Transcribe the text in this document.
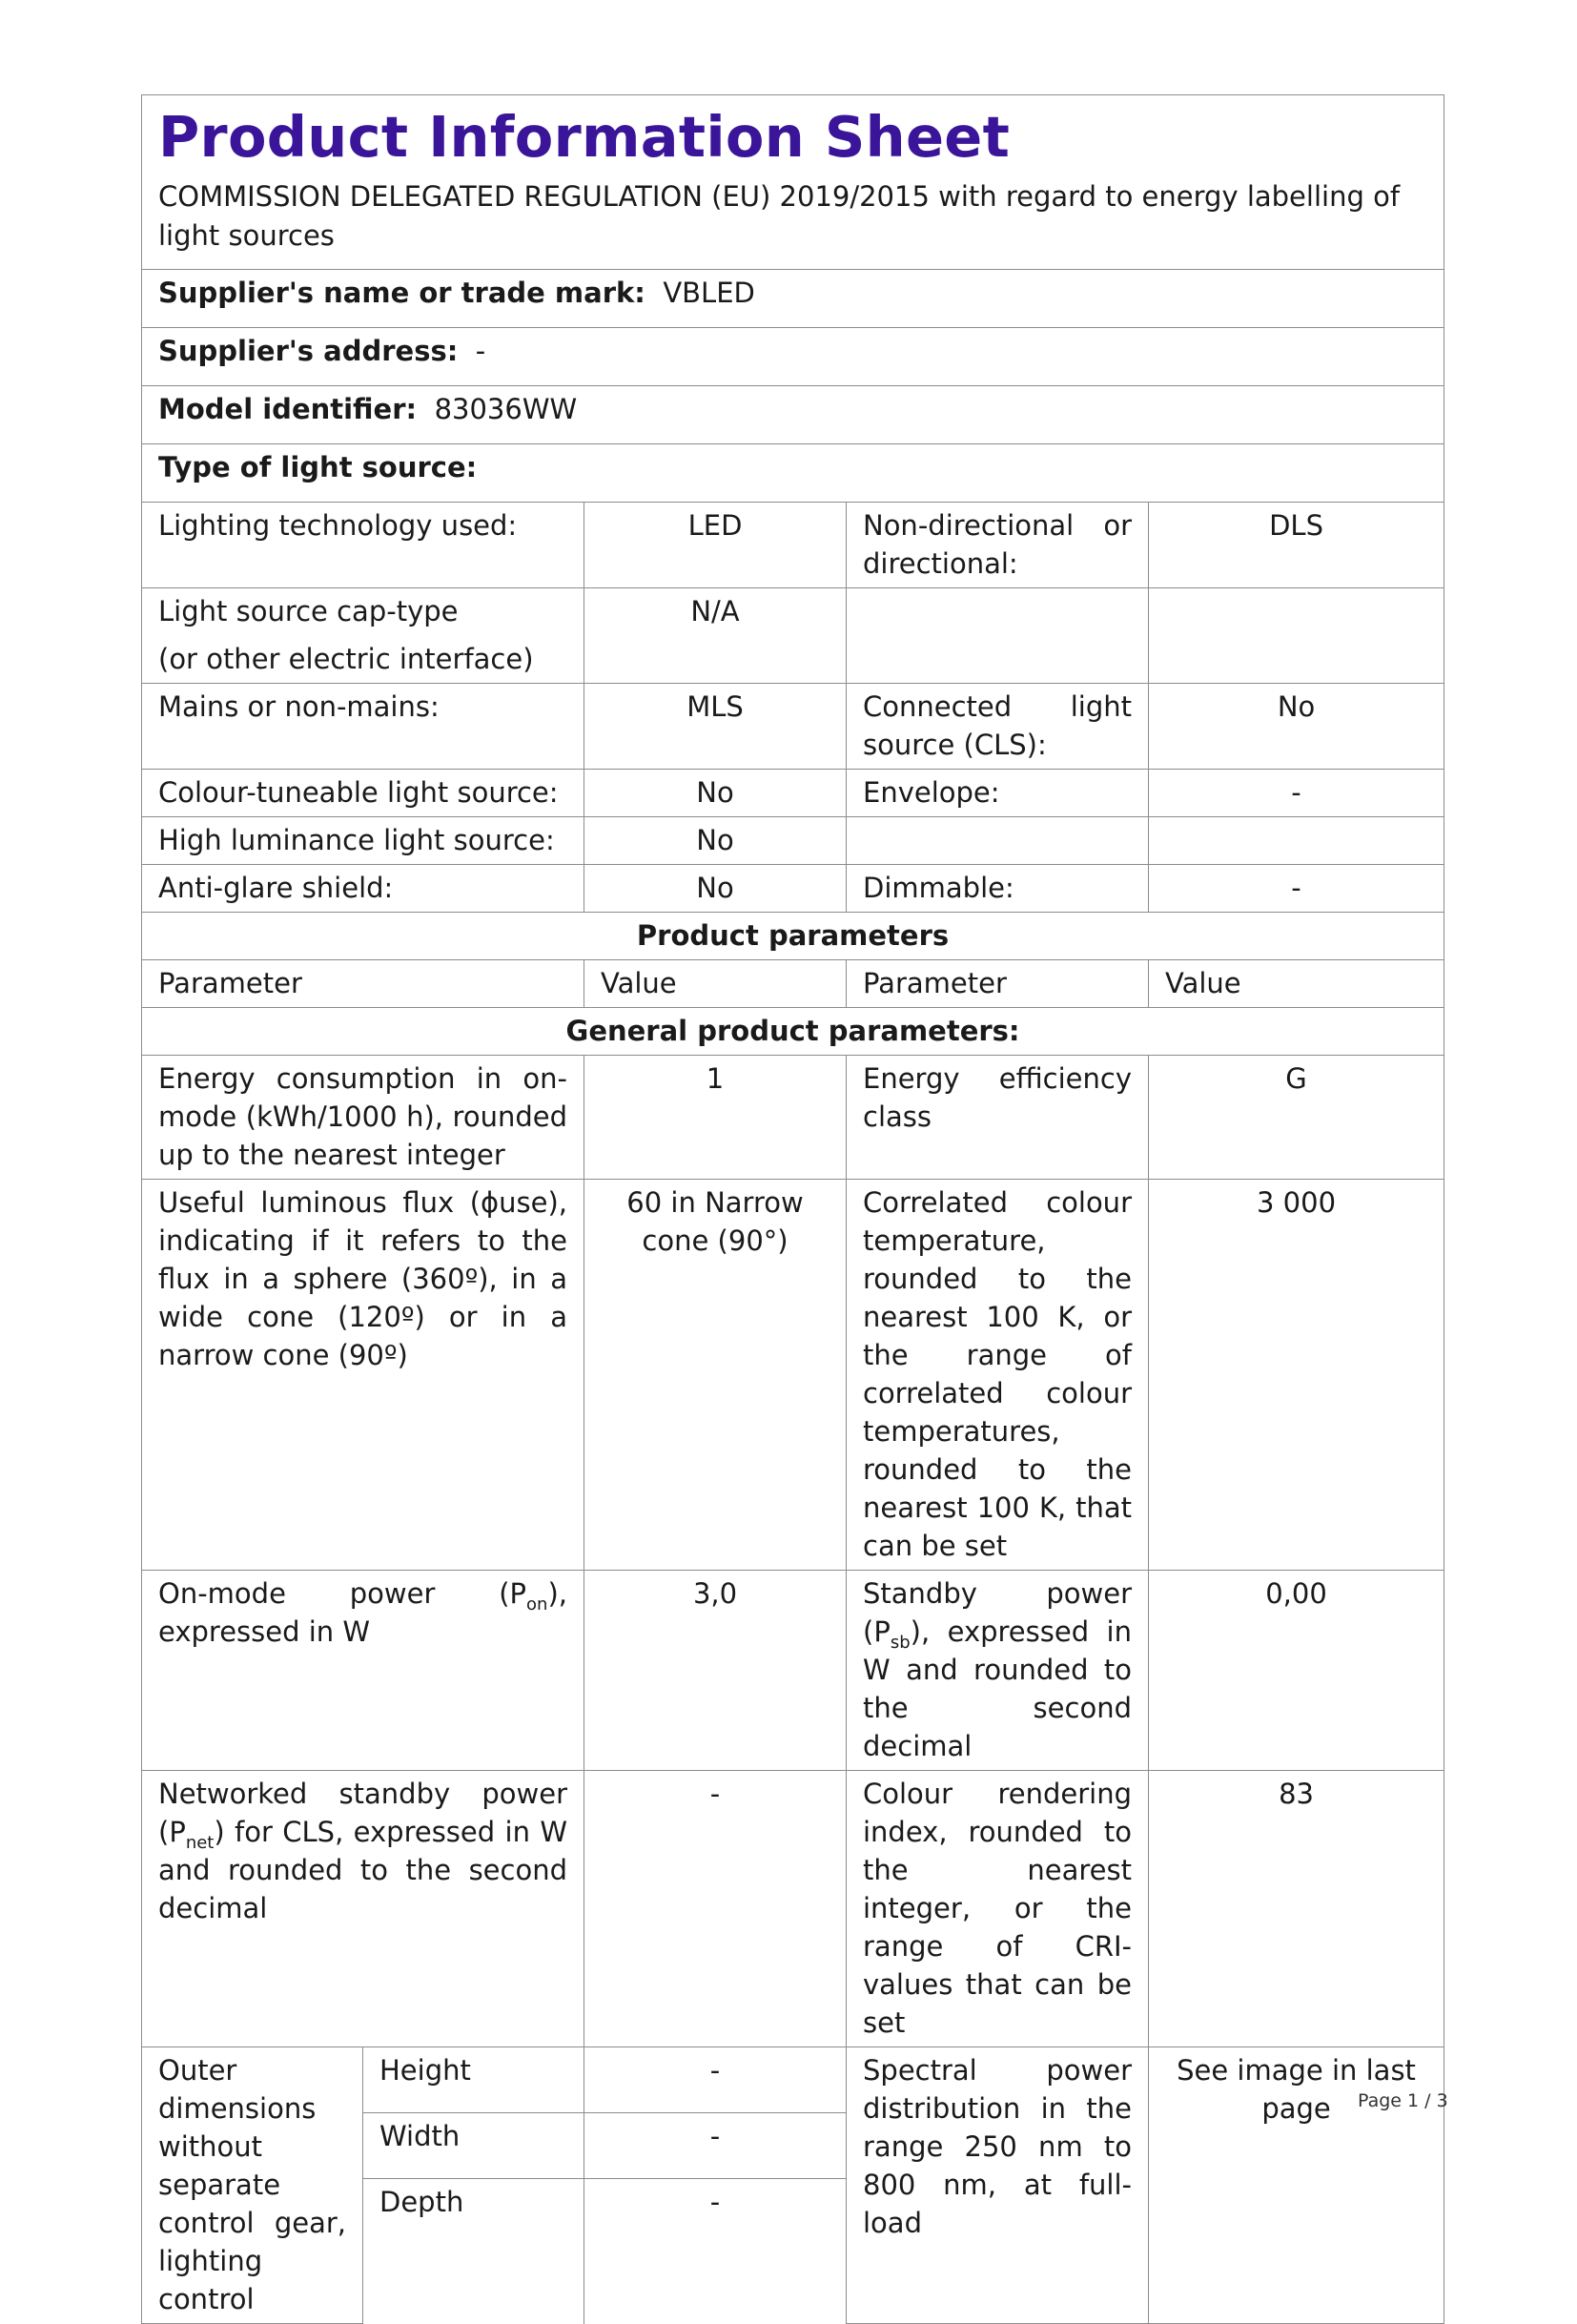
Product Information Sheet
COMMISSION DELEGATED REGULATION (EU) 2019/2015 with regard to energy labelling of light sources				

Supplier's name or trade mark: VBLED				
Supplier's address: -				
Model identifier: 83036WW				
Type of light source:				
Lighting technology used:		LED	Non-directional or directional:	DLS

Light source cap-type
(or other electric interface)		N/A		
Mains or non-mains:		MLS	Connected light source (CLS):	No
Colour-tuneable light source:		No	Envelope:	-
High luminance light source:		No		
Anti-glare shield:		No	Dimmable:	-
Product parameters				
Parameter		Value	Parameter	Value
General product parameters:				
Energy consumption in on-mode (kWh/1000 h), rounded up to the nearest integer		1	Energy efficiency class	G
Useful luminous flux (ϕuse), indicating if it refers to the flux in a sphere (360º), in a wide cone (120º) or in a narrow cone (90º)		60 in Narrow cone (90°)	Correlated colour temperature, rounded to the nearest 100 K, or the range of correlated colour temperatures, rounded to the nearest 100 K, that can be set	3 000
On-mode power $(P_{on})$, expressed in W		3,0	Standby power $(P_{sb})$, expressed in W and rounded to the second decimal	0,00
Networked standby power $(P_{net})$ for CLS, expressed in W and rounded to the second decimal		-	Colour rendering index, rounded to the nearest integer, or the range of CRI-values that can be set	83
Outer dimensions without separate control gear, lighting control	Height	-	Spectral power distribution in the range 250 nm to 800 nm, at full-load	See image in last page
	Width	-		
	Depth	-		
Page 1 / 3
